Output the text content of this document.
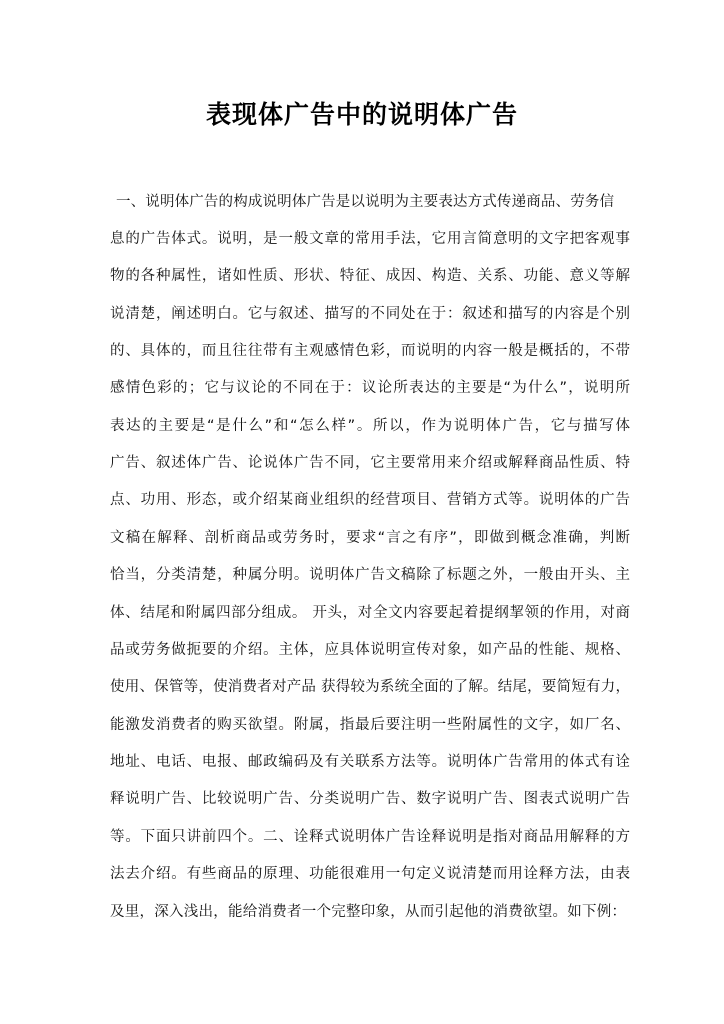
表现体广告中的说明体广告
一、说明体广告的构成说明体广告是以说明为主要表达方式传递商品、劳务信
息的广告体式。说明，是一般文章的常用手法，它用言简意明的文字把客观事
物的各种属性，诸如性质、形状、特征、成因、构造、关系、功能、意义等解
说清楚，阐述明白。它与叙述、描写的不同处在于：叙述和描写的内容是个别
的、具体的，而且往往带有主观感情色彩，而说明的内容一般是概括的，不带
感情色彩的；它与议论的不同在于：议论所表达的主要是“为什么”，说明所
表达的主要是“是什么”和“怎么样”。所以，作为说明体广告，它与描写体
广告、叙述体广告、论说体广告不同，它主要常用来介绍或解释商品性质、特
点、功用、形态，或介绍某商业组织的经营项目、营销方式等。说明体的广告
文稿在解释、剖析商品或劳务时，要求“言之有序”，即做到概念准确，判断
恰当，分类清楚，种属分明。说明体广告文稿除了标题之外，一般由开头、主
体、结尾和附属四部分组成。 开头，对全文内容要起着提纲挈领的作用，对商
品或劳务做扼要的介绍。主体，应具体说明宣传对象，如产品的性能、规格、
使用、保管等，使消费者对产品 获得较为系统全面的了解。结尾，要简短有力，
能激发消费者的购买欲望。附属，指最后要注明一些附属性的文字，如厂名、
地址、电话、电报、邮政编码及有关联系方法等。说明体广告常用的体式有诠
释说明广告、比较说明广告、分类说明广告、数字说明广告、图表式说明广告
等。下面只讲前四个。二、诠释式说明体广告诠释说明是指对商品用解释的方
法去介绍。有些商品的原理、功能很难用一句定义说清楚而用诠释方法，由表
及里，深入浅出，能给消费者一个完整印象，从而引起他的消费欲望。如下例：
